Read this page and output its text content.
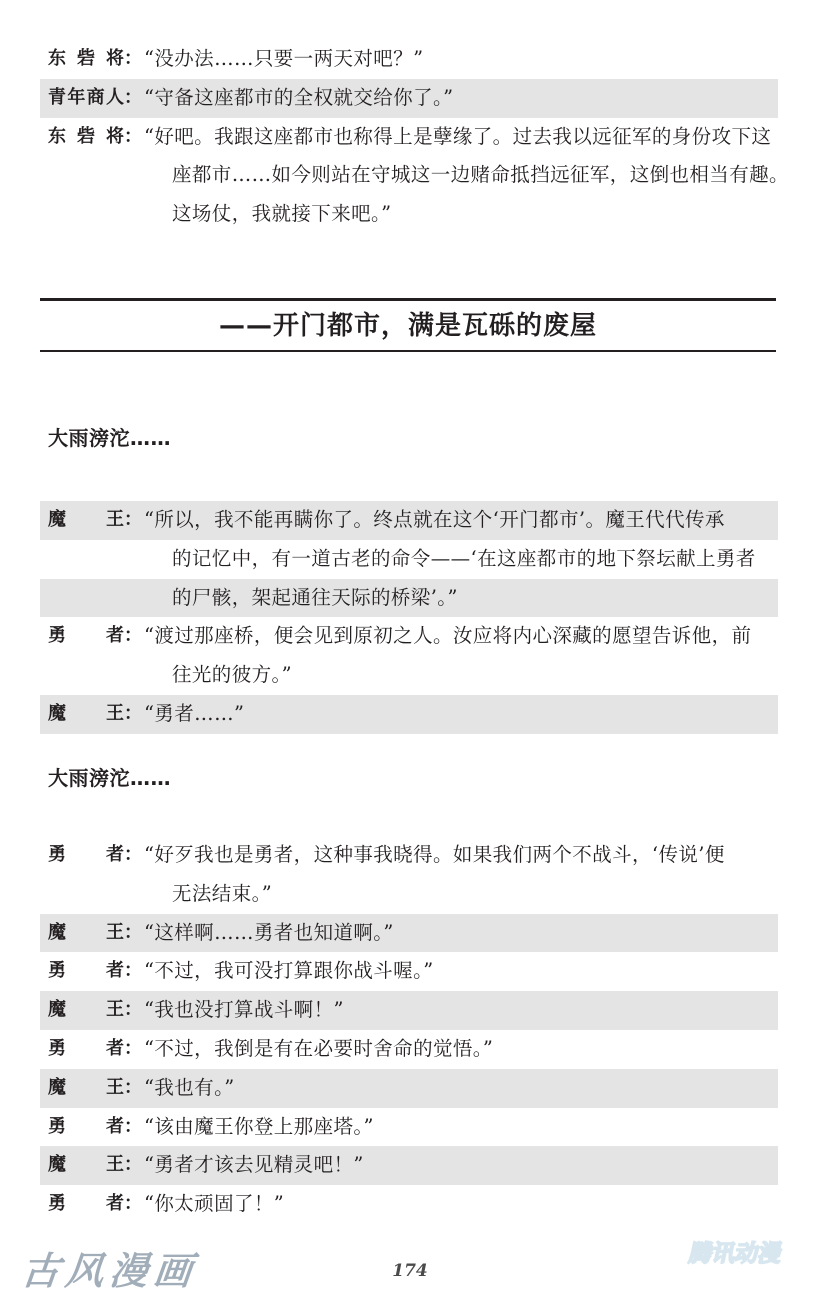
东砦将 ： “没办法……只要一两天对吧？”
青年商人 ： “守备这座都市的全权就交给你了。”
东砦将 ： “好吧。我跟这座都市也称得上是孽缘了。过去我以远征军的身份攻下这
座都市……如今则站在守城这一边赌命抵挡远征军，这倒也相当有趣。
这场仗，我就接下来吧。”
——开门都市，满是瓦砾的废屋
大雨滂沱……
魔王 ： “所以，我不能再瞒你了。终点就在这个‘开门都市’。魔王代代传承
的记忆中，有一道古老的命令——‘在这座都市的地下祭坛献上勇者
的尸骸，架起通往天际的桥梁’。”
勇者 ： “渡过那座桥，便会见到原初之人。汝应将内心深藏的愿望告诉他，前
往光的彼方。”
魔王 ： “勇者……”
大雨滂沱……
勇者 ： “好歹我也是勇者，这种事我晓得。如果我们两个不战斗，‘传说’便
无法结束。”
魔王 ： “这样啊……勇者也知道啊。”
勇者 ： “不过，我可没打算跟你战斗喔。”
魔王 ： “我也没打算战斗啊！”
勇者 ： “不过，我倒是有在必要时舍命的觉悟。”
魔王 ： “我也有。”
勇者 ： “该由魔王你登上那座塔。”
魔王 ： “勇者才该去见精灵吧！”
勇者 ： “你太顽固了！”
古风漫画	174
腾讯动漫
